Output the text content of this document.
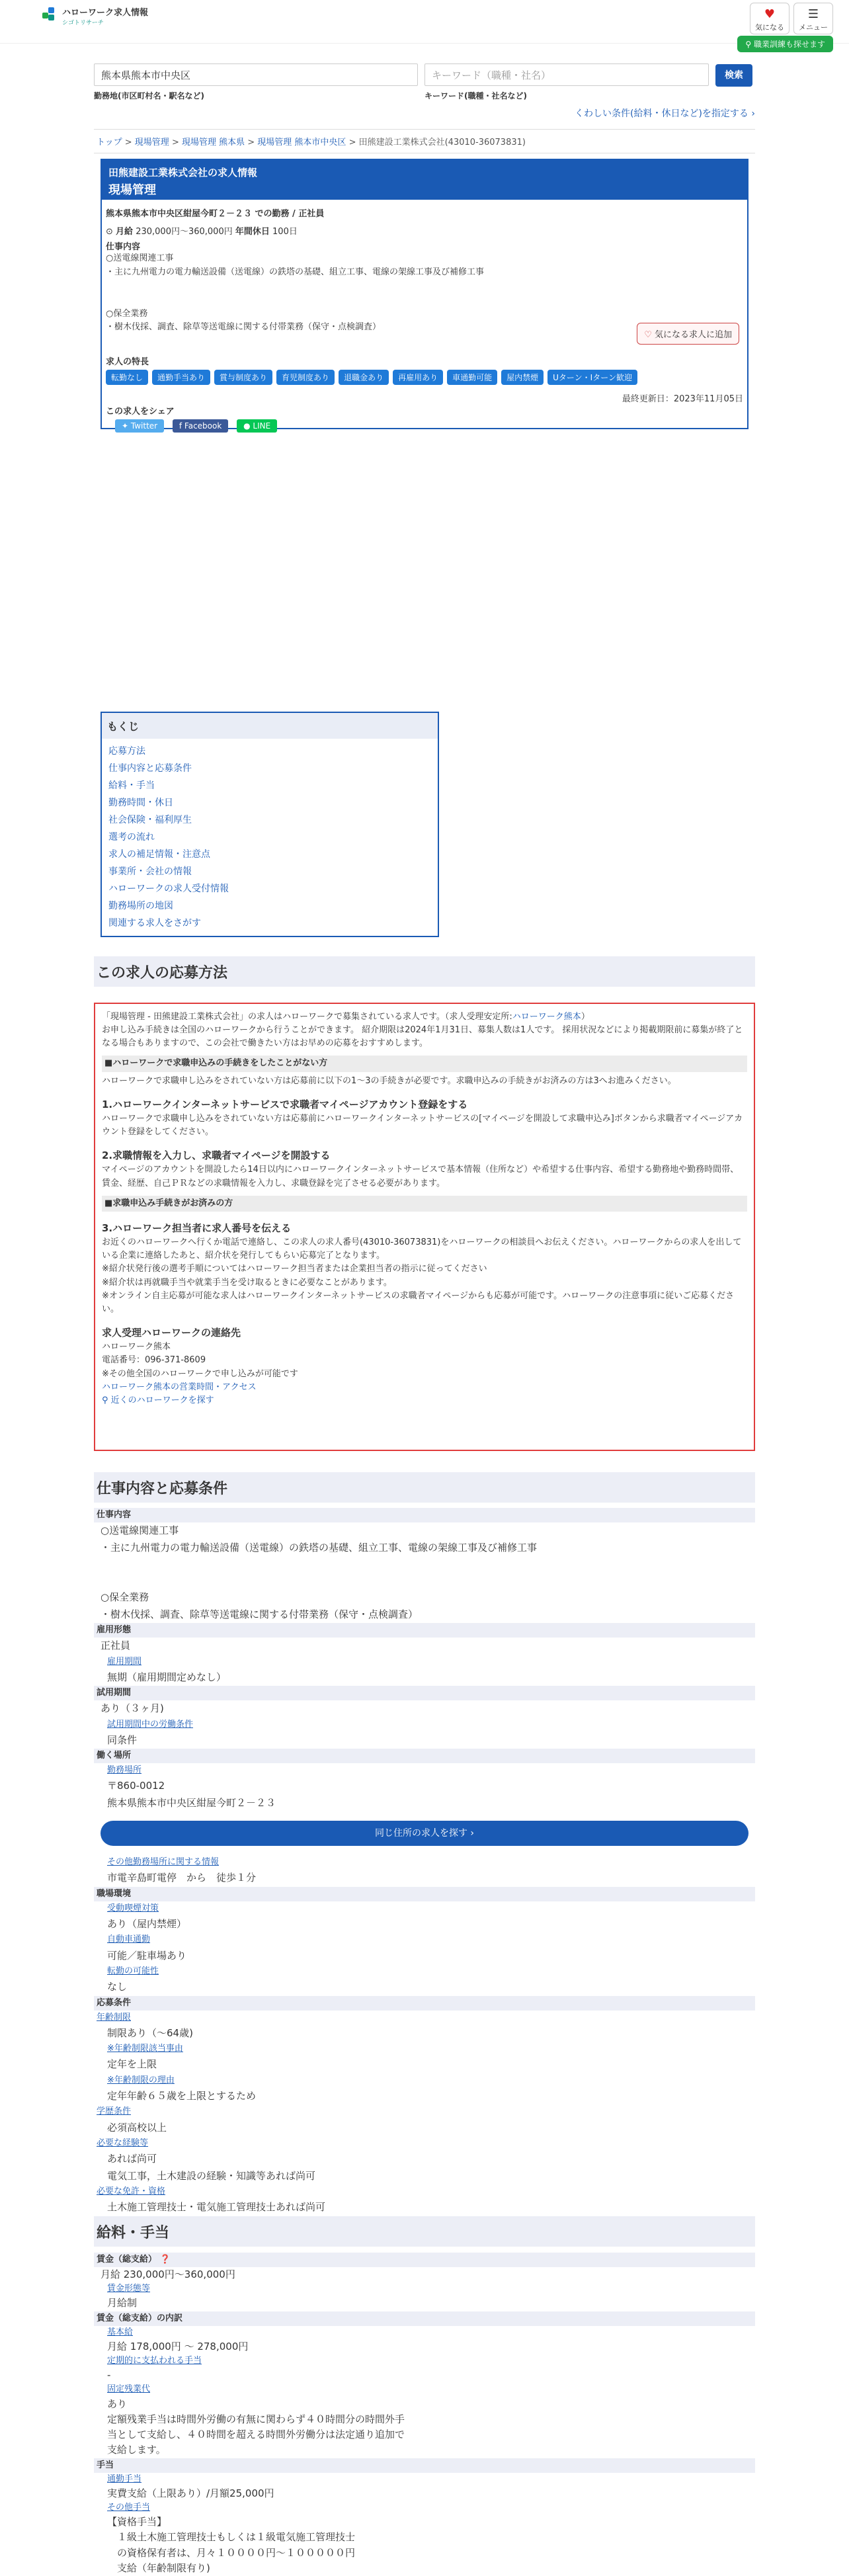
ハローワーク求人情報
シゴトリサーチ
♥
気になる
☰
メニュー
⚲ 職業訓練も探せます
熊本県熊本市中央区
勤務地(市区町村名・駅名など)
キーワード（職種・社名）
キーワード(職種・社名など)
検索
くわしい条件(給料・休日など)を指定する ›
トップ > 現場管理 > 現場管理 熊本県 > 現場管理 熊本市中央区 > 田熊建設工業株式会社(43010-36073831)
田熊建設工業株式会社の求人情報
現場管理
熊本県熊本市中央区紺屋今町２－２３ での勤務 / 正社員
⊙ 月給 230,000円〜360,000円 年間休日 100日
仕事内容
○送電線関連工事
・主に九州電力の電力輸送設備（送電線）の鉄塔の基礎、組立工事、電線の架線工事及び補修工事
○保全業務
・樹木伐採、調査、除草等送電線に関する付帯業務（保守・点検調査）
♡ 気になる求人に追加
求人の特長
転勤なし 通勤手当あり 賞与制度あり 育児制度あり 退職金あり 再雇用あり 車通勤可能 屋内禁煙 Uターン・Iターン歓迎
最終更新日：2023年11月05日
この求人をシェア
✦ Twitter	f Facebook	● LINE
もくじ
応募方法
仕事内容と応募条件
給料・手当
勤務時間・休日
社会保険・福利厚生
選考の流れ
求人の補足情報・注意点
事業所・会社の情報
ハローワークの求人受付情報
勤務場所の地図
関連する求人をさがす
この求人の応募方法
「現場管理 - 田熊建設工業株式会社」の求人はハローワークで募集されている求人です。（求人受理安定所:ハローワーク熊本）
お申し込み手続きは全国のハローワークから行うことができます。 紹介期限は2024年1月31日、募集人数は1人です。 採用状況などにより掲載期限前に募集が終了となる場合もありますので、この会社で働きたい方はお早めの応募をおすすめします。
■ハローワークで求職申込みの手続きをしたことがない方
ハローワークで求職申し込みをされていない方は応募前に以下の1〜3の手続きが必要です。求職申込みの手続きがお済みの方は3へお進みください。
1.ハローワークインターネットサービスで求職者マイページアカウント登録をする
ハローワークで求職申し込みをされていない方は応募前にハローワークインターネットサービスの[マイページを開設して求職申込み]ボタンから求職者マイページアカウント登録をしてください。
2.求職情報を入力し、求職者マイページを開設する
マイページのアカウントを開設したら14日以内にハローワークインターネットサービスで基本情報（住所など）や希望する仕事内容、希望する勤務地や勤務時間帯、賃金、経歴、自己ＰＲなどの求職情報を入力し、求職登録を完了させる必要があります。
■求職申込み手続きがお済みの方
3.ハローワーク担当者に求人番号を伝える
お近くのハローワークへ行くか電話で連絡し、この求人の求人番号(43010-36073831)をハローワークの相談員へお伝えください。ハローワークからの求人を出している企業に連絡したあと、紹介状を発行してもらい応募完了となります。
※紹介状発行後の選考手順についてはハローワーク担当者または企業担当者の指示に従ってください
※紹介状は再就職手当や就業手当を受け取るときに必要なことがあります。
※オンライン自主応募が可能な求人はハローワークインターネットサービスの求職者マイページからも応募が可能です。ハローワークの注意事項に従いご応募ください。
求人受理ハローワークの連絡先
ハローワーク熊本
電話番号：096-371-8609
※その他全国のハローワークで申し込みが可能です
ハローワーク熊本の営業時間・アクセス
⚲ 近くのハローワークを探す
仕事内容と応募条件
仕事内容
○送電線関連工事
・主に九州電力の電力輸送設備（送電線）の鉄塔の基礎、組立工事、電線の架線工事及び補修工事
○保全業務
・樹木伐採、調査、除草等送電線に関する付帯業務（保守・点検調査）
雇用形態
正社員
雇用期間
無期（雇用期間定めなし）
試用期間
あり（３ヶ月)
試用期間中の労働条件
同条件
働く場所
勤務場所
〒860-0012
熊本県熊本市中央区紺屋今町２－２３
同じ住所の求人を探す ›
その他勤務場所に関する情報
市電辛島町電停　から　徒歩１分
職場環境
受動喫煙対策
あり（屋内禁煙）
自動車通勤
可能／駐車場あり
転勤の可能性
なし
応募条件
年齢制限
制限あり（～64歳)
※年齢制限該当事由
定年を上限
※年齢制限の理由
定年年齢６５歳を上限とするため
学歴条件
必須高校以上
必要な経験等
あれば尚可
電気工事，土木建設の経験・知識等あれば尚可
必要な免許・資格
土木施工管理技士・電気施工管理技士あれば尚可
給料・手当
賃金（総支給） ❓
月給 230,000円〜360,000円
賃金形態等
月給制
賃金（総支給）の内訳
基本給
月給 178,000円 〜 278,000円
定期的に支払われる手当
-
固定残業代
あり
定額残業手当は時間外労働の有無に関わらず４０時間分の時間外手
当として支給し、４０時間を超える時間外労働分は法定通り追加で
支給します。
手当
通勤手当
実費支給（上限あり）/月額25,000円
その他手当
【資格手当】
　１級土木施工管理技士もしくは１級電気施工管理技士
　の資格保有者は、月々１００００円～１０００００円
　支給（年齢制限有り)
